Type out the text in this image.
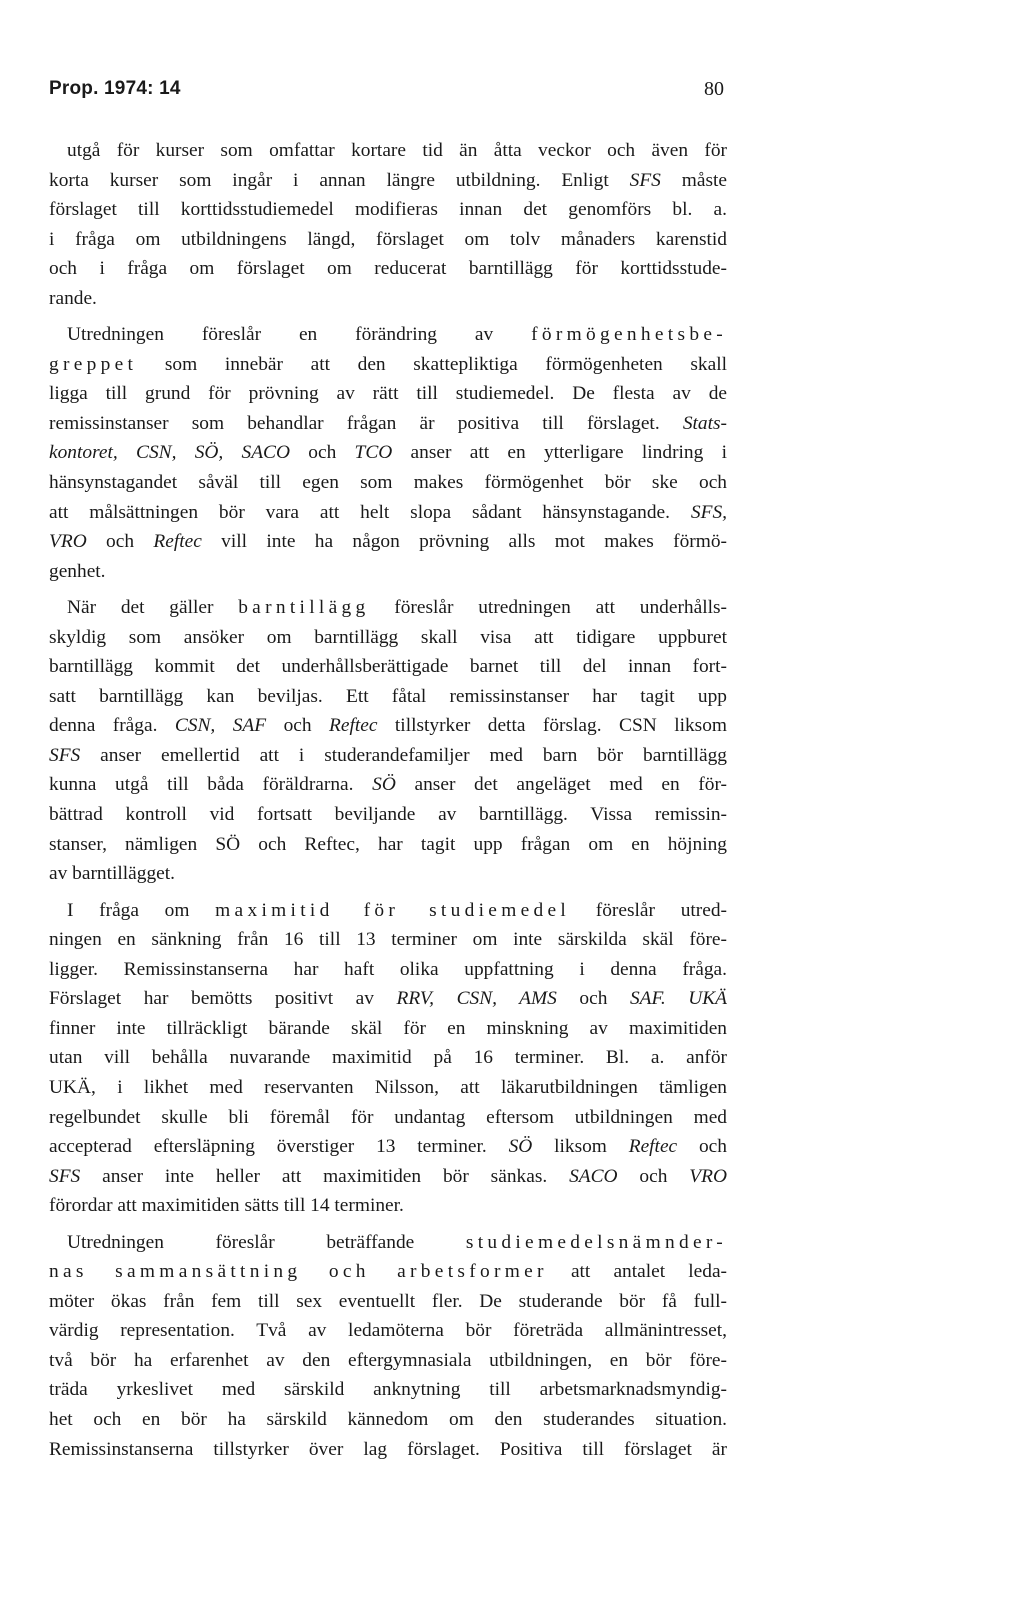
Prop. 1974: 14	80

utgå för kurser som omfattar kortare tid än åtta veckor och även för
korta kurser som ingår i annan längre utbildning. Enligt SFS måste
förslaget till korttidsstudiemedel modifieras innan det genomförs bl. a.
i fråga om utbildningens längd, förslaget om tolv månaders karenstid
och i fråga om förslaget om reducerat barntillägg för korttidsstude-
rande.

Utredningen föreslår en förändring av förmögenhetsbe-
greppet som innebär att den skattepliktiga förmögenheten skall
ligga till grund för prövning av rätt till studiemedel. De flesta av de
remissinstanser som behandlar frågan är positiva till förslaget. Stats-
kontoret, CSN, SÖ, SACO och TCO anser att en ytterligare lindring i
hänsynstagandet såväl till egen som makes förmögenhet bör ske och
att målsättningen bör vara att helt slopa sådant hänsynstagande. SFS,
VRO och Reftec vill inte ha någon prövning alls mot makes förmö-
genhet.

När det gäller barntillägg föreslår utredningen att underhålls-
skyldig som ansöker om barntillägg skall visa att tidigare uppburet
barntillägg kommit det underhållsberättigade barnet till del innan fort-
satt barntillägg kan beviljas. Ett fåtal remissinstanser har tagit upp
denna fråga. CSN, SAF och Reftec tillstyrker detta förslag. CSN liksom
SFS anser emellertid att i studerandefamiljer med barn bör barntillägg
kunna utgå till båda föräldrarna. SÖ anser det angeläget med en för-
bättrad kontroll vid fortsatt beviljande av barntillägg. Vissa remissin-
stanser, nämligen SÖ och Reftec, har tagit upp frågan om en höjning
av barntillägget.

I fråga om maximitid för studiemedel föreslår utred-
ningen en sänkning från 16 till 13 terminer om inte särskilda skäl före-
ligger. Remissinstanserna har haft olika uppfattning i denna fråga.
Förslaget har bemötts positivt av RRV, CSN, AMS och SAF. UKÄ
finner inte tillräckligt bärande skäl för en minskning av maximitiden
utan vill behålla nuvarande maximitid på 16 terminer. Bl. a. anför
UKÄ, i likhet med reservanten Nilsson, att läkarutbildningen tämligen
regelbundet skulle bli föremål för undantag eftersom utbildningen med
accepterad eftersläpning överstiger 13 terminer. SÖ liksom Reftec och
SFS anser inte heller att maximitiden bör sänkas. SACO och VRO
förordar att maximitiden sätts till 14 terminer.

Utredningen föreslår beträffande studiemedelsnämnder-
nas sammansättning och arbetsformer att antalet leda-
möter ökas från fem till sex eventuellt fler. De studerande bör få full-
värdig representation. Två av ledamöterna bör företräda allmänintresset,
två bör ha erfarenhet av den eftergymnasiala utbildningen, en bör före-
träda yrkeslivet med särskild anknytning till arbetsmarknadsmyndig-
het och en bör ha särskild kännedom om den studerandes situation.
Remissinstanserna tillstyrker över lag förslaget. Positiva till förslaget är
